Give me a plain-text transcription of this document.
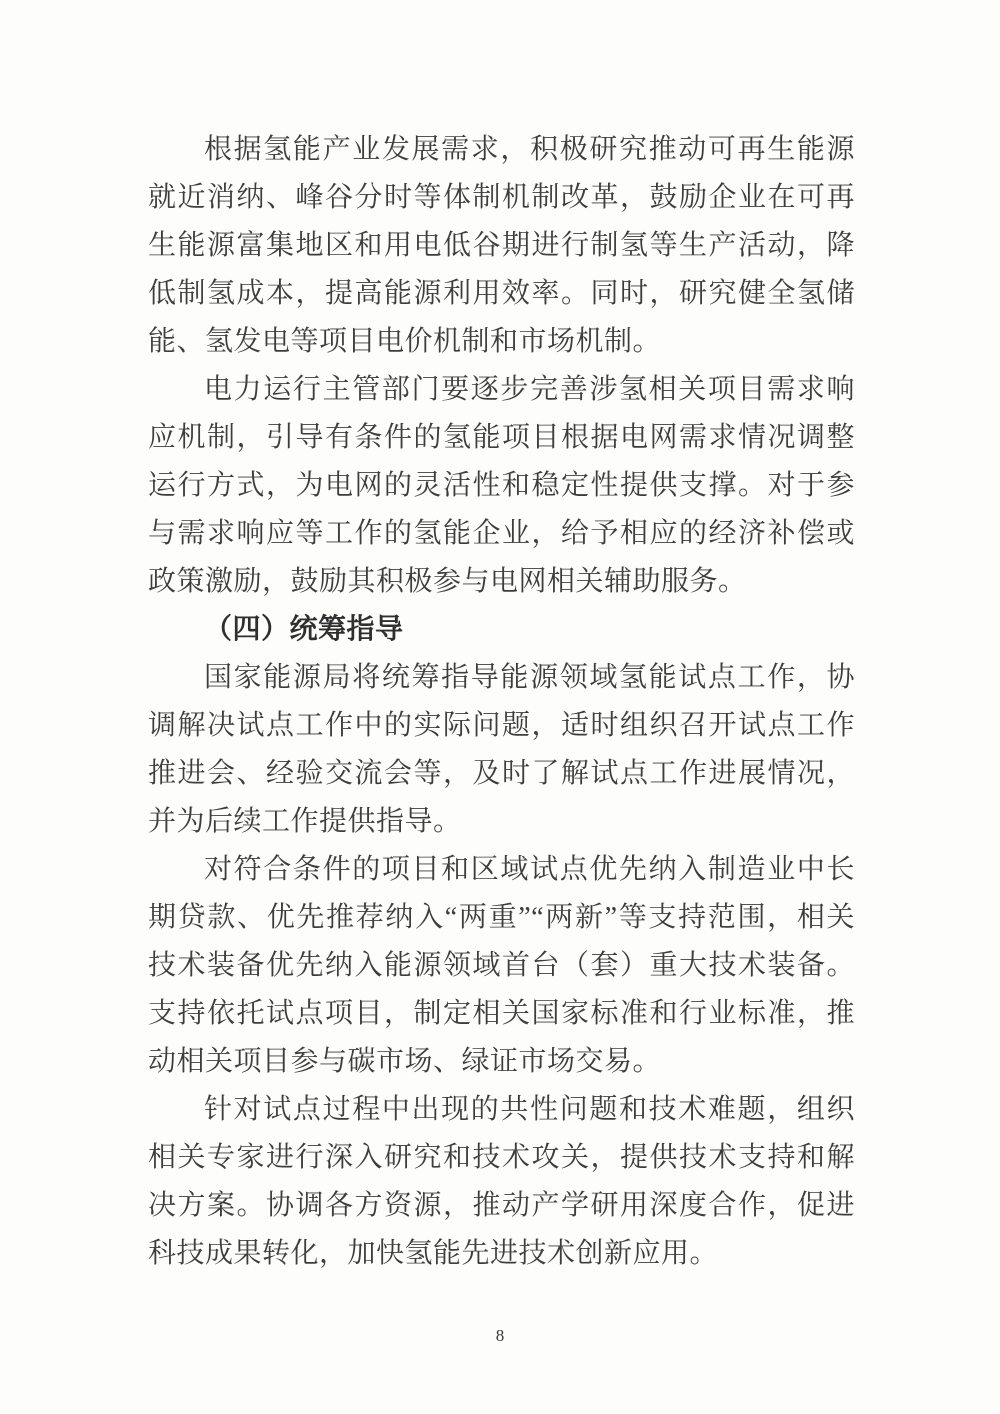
根据氢能产业发展需求，积极研究推动可再生能源就近消纳、峰谷分时等体制机制改革，鼓励企业在可再生能源富集地区和用电低谷期进行制氢等生产活动，降低制氢成本，提高能源利用效率。同时，研究健全氢储能、氢发电等项目电价机制和市场机制。

电力运行主管部门要逐步完善涉氢相关项目需求响应机制，引导有条件的氢能项目根据电网需求情况调整运行方式，为电网的灵活性和稳定性提供支撑。对于参与需求响应等工作的氢能企业，给予相应的经济补偿或政策激励，鼓励其积极参与电网相关辅助服务。

（四）统筹指导

国家能源局将统筹指导能源领域氢能试点工作，协调解决试点工作中的实际问题，适时组织召开试点工作推进会、经验交流会等，及时了解试点工作进展情况，并为后续工作提供指导。

对符合条件的项目和区域试点优先纳入制造业中长期贷款、优先推荐纳入“两重”“两新”等支持范围，相关技术装备优先纳入能源领域首台（套）重大技术装备。支持依托试点项目，制定相关国家标准和行业标准，推动相关项目参与碳市场、绿证市场交易。

针对试点过程中出现的共性问题和技术难题，组织相关专家进行深入研究和技术攻关，提供技术支持和解决方案。协调各方资源，推动产学研用深度合作，促进科技成果转化，加快氢能先进技术创新应用。

8
